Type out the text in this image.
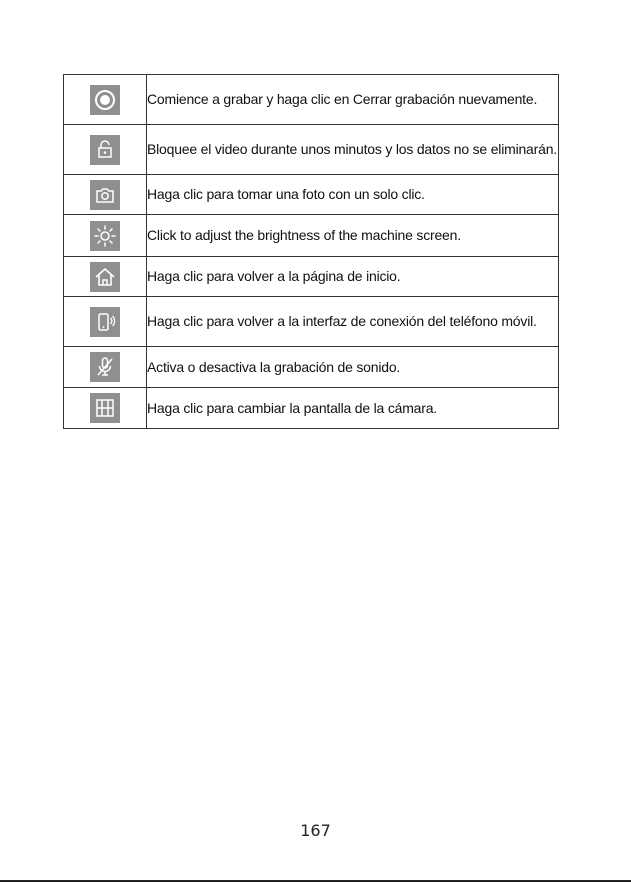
	Comience a grabar y haga clic en Cerrar grabación nuevamente.

	Bloquee el video durante unos minutos y los datos no se eliminarán.

	Haga clic para tomar una foto con un solo clic.

	Click to adjust the brightness of the machine screen.

	Haga clic para volver a la página de inicio.

	Haga clic para volver a la interfaz de conexión del teléfono móvil.

	Activa o desactiva la grabación de sonido.

	Haga clic para cambiar la pantalla de la cámara.
167
